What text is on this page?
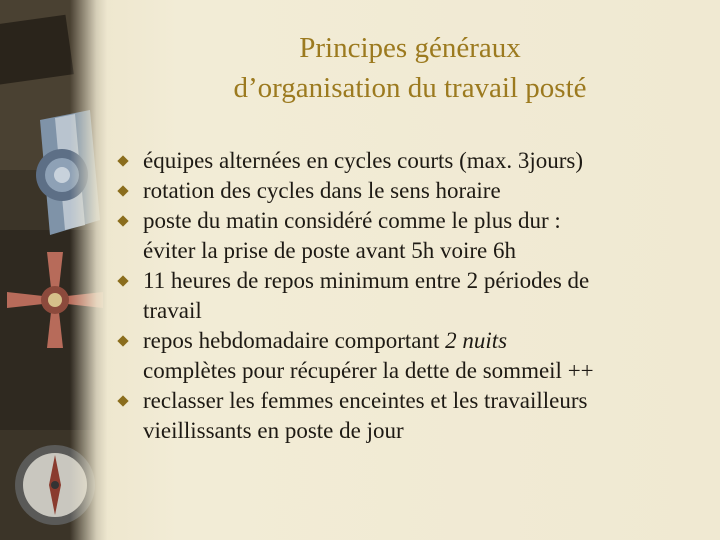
Principes généraux
d’organisation du travail posté
équipes alternées en cycles courts (max. 3jours)
rotation des cycles dans le sens horaire
poste du matin considéré comme le plus dur :
éviter la prise de poste avant 5h voire 6h
11 heures de repos minimum entre 2 périodes de
travail
repos hebdomadaire comportant 2 nuits
complètes pour récupérer la dette de sommeil ++
reclasser les femmes enceintes et les travailleurs
vieillissants en poste de jour
